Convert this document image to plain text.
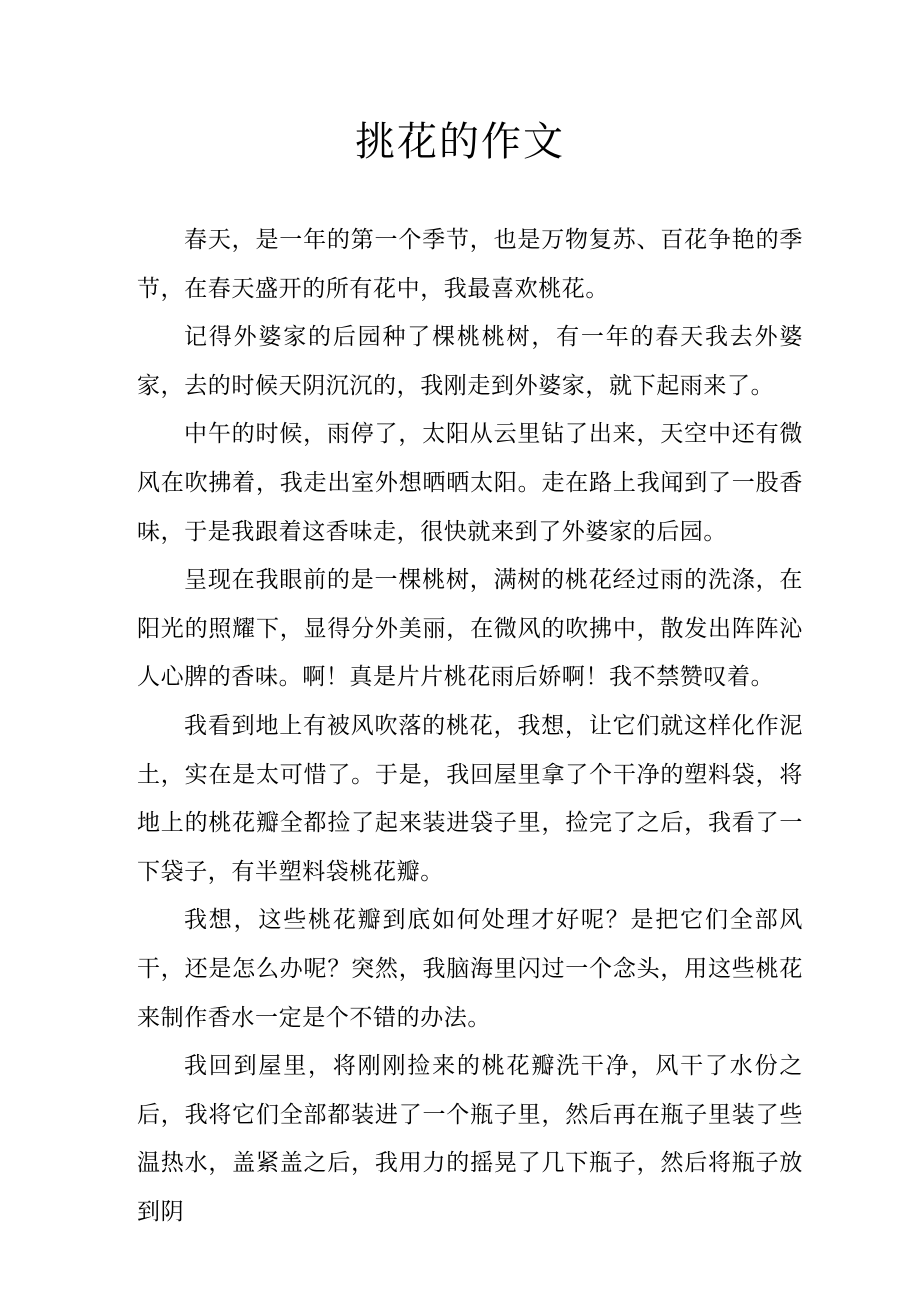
挑花的作文

春天，是一年的第一个季节，也是万物复苏、百花争艳的季节，在春天盛开的所有花中，我最喜欢桃花。

记得外婆家的后园种了棵桃桃树，有一年的春天我去外婆家，去的时候天阴沉沉的，我刚走到外婆家，就下起雨来了。

中午的时候，雨停了，太阳从云里钻了出来，天空中还有微风在吹拂着，我走出室外想晒晒太阳。走在路上我闻到了一股香味，于是我跟着这香味走，很快就来到了外婆家的后园。

呈现在我眼前的是一棵桃树，满树的桃花经过雨的洗涤，在阳光的照耀下，显得分外美丽，在微风的吹拂中，散发出阵阵沁人心脾的香味。啊！真是片片桃花雨后娇啊！我不禁赞叹着。

我看到地上有被风吹落的桃花，我想，让它们就这样化作泥土，实在是太可惜了。于是，我回屋里拿了个干净的塑料袋，将地上的桃花瓣全都捡了起来装进袋子里，捡完了之后，我看了一下袋子，有半塑料袋桃花瓣。

我想，这些桃花瓣到底如何处理才好呢？是把它们全部风干，还是怎么办呢？突然，我脑海里闪过一个念头，用这些桃花来制作香水一定是个不错的办法。

我回到屋里，将刚刚捡来的桃花瓣洗干净，风干了水份之后，我将它们全部都装进了一个瓶子里，然后再在瓶子里装了些温热水，盖紧盖之后，我用力的摇晃了几下瓶子，然后将瓶子放到阴
